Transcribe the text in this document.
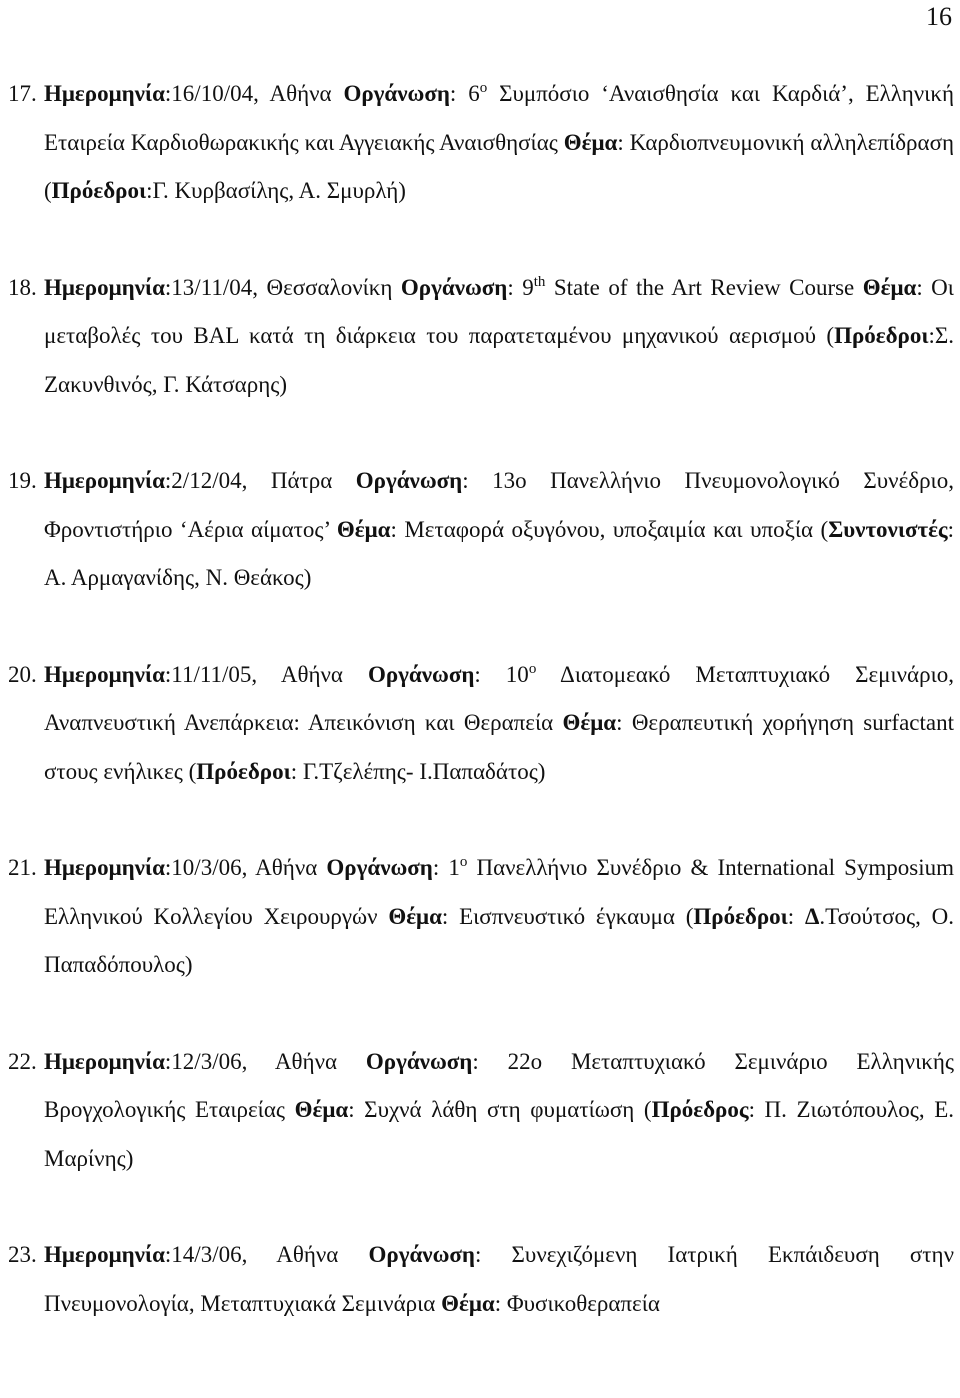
16
17. Ημερομηνία:16/10/04, Αθήνα Οργάνωση: $6^o$ Συμπόσιο ‘Αναισθησία και Καρδιά’, Ελληνική Εταιρεία Καρδιοθωρακικής και Αγγειακής Αναισθησίας Θέμα: Καρδιοπνευμονική αλληλεπίδραση (Πρόεδροι:Γ. Κυρβασίλης, Α. Σμυρλή)
18. Ημερομηνία:13/11/04, Θεσσαλονίκη Οργάνωση: 9th State of the Art Review Course Θέμα: Οι μεταβολές του BAL κατά τη διάρκεια του παρατεταμένου μηχανικού αερισμού (Πρόεδροι:Σ. Ζακυνθινός, Γ. Κάτσαρης)
19. Ημερομηνία:2/12/04, Πάτρα Οργάνωση: 13ο Πανελλήνιο Πνευμονολογικό Συνέδριο, Φροντιστήριο ‘Αέρια αίματος’ Θέμα: Μεταφορά οξυγόνου, υποξαιμία και υποξία (Συντονιστές: Α. Αρμαγανίδης, Ν. Θεάκος)
20. Ημερομηνία:11/11/05, Αθήνα Οργάνωση: $10^o$ Διατομεακό Μεταπτυχιακό Σεμινάριο, Αναπνευστική Ανεπάρκεια: Απεικόνιση και Θεραπεία Θέμα: Θεραπευτική χορήγηση surfactant στους ενήλικες (Πρόεδροι: Γ.Τζελέπης- Ι.Παπαδάτος)
21. Ημερομηνία:10/3/06, Αθήνα Οργάνωση: $1^o$ Πανελλήνιο Συνέδριο & International Symposium Ελληνικού Κολλεγίου Χειρουργών Θέμα: Εισπνευστικό έγκαυμα (Πρόεδροι: Δ.Τσούτσος, Ο. Παπαδόπουλος)
22. Ημερομηνία:12/3/06, Αθήνα Οργάνωση: 22ο Μεταπτυχιακό Σεμινάριο Ελληνικής Βρογχολογικής Εταιρείας Θέμα: Συχνά λάθη στη φυματίωση (Πρόεδρος: Π. Ζιωτόπουλος, Ε. Μαρίνης)
23. Ημερομηνία:14/3/06, Αθήνα Οργάνωση: Συνεχιζόμενη Ιατρική Εκπάιδευση στην Πνευμονολογία, Μεταπτυχιακά Σεμινάρια Θέμα: Φυσικοθεραπεία
